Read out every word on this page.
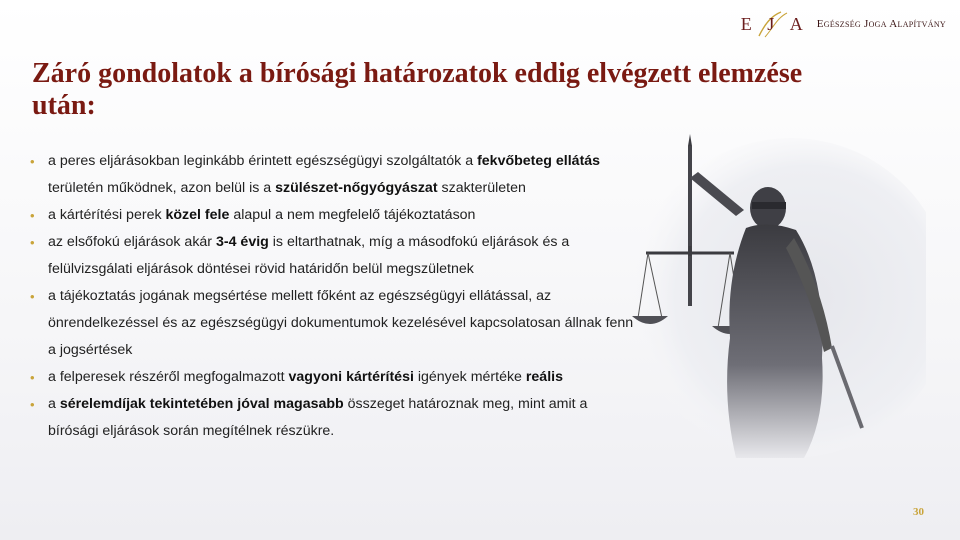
E J A Egészség Joga Alapítvány
Záró gondolatok a bírósági határozatok eddig elvégzett elemzése után:
• a peres eljárásokban leginkább érintett egészségügyi szolgáltatók a fekvőbeteg ellátás területén működnek, azon belül is a szülészet-nőgyógyászat szakterületen
• a kártérítési perek közel fele alapul a nem megfelelő tájékoztatáson
• az elsőfokú eljárások akár 3-4 évig is eltarthatnak, míg a másodfokú eljárások és a felülvizsgálati eljárások döntései rövid határidőn belül megszületnek
• a tájékoztatás jogának megsértése mellett főként az egészségügyi ellátással, az önrendelkezéssel és az egészségügyi dokumentumok kezelésével kapcsolatosan állnak fenn a jogsértések
• a felperesek részéről megfogalmazott vagyoni kártérítési igények mértéke reális
• a sérelemdíjak tekintetében jóval magasabb összeget határoznak meg, mint amit a bírósági eljárások során megítélnek részükre.
30
